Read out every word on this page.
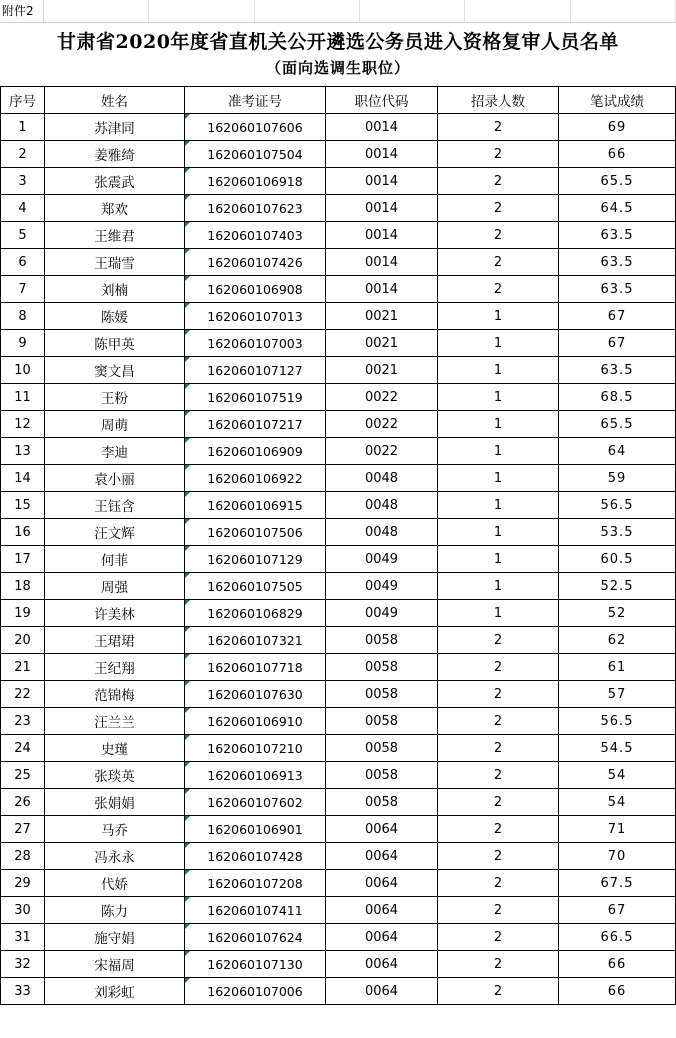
附件2
甘肃省2020年度省直机关公开遴选公务员进入资格复审人员名单
（面向选调生职位）
序号	姓名	准考证号	职位代码	招录人数	笔试成绩
1	苏津同	162060107606	0014	2	69
2	姜雅绮	162060107504	0014	2	66
3	张震武	162060106918	0014	2	65.5
4	郑欢	162060107623	0014	2	64.5
5	王维君	162060107403	0014	2	63.5
6	王瑞雪	162060107426	0014	2	63.5
7	刘楠	162060106908	0014	2	63.5
8	陈媛	162060107013	0021	1	67
9	陈甲英	162060107003	0021	1	67
10	窦文昌	162060107127	0021	1	63.5
11	王粉	162060107519	0022	1	68.5
12	周萌	162060107217	0022	1	65.5
13	李迪	162060106909	0022	1	64
14	袁小丽	162060106922	0048	1	59
15	王钰含	162060106915	0048	1	56.5
16	汪文辉	162060107506	0048	1	53.5
17	何菲	162060107129	0049	1	60.5
18	周强	162060107505	0049	1	52.5
19	许美林	162060106829	0049	1	52
20	王珺珺	162060107321	0058	2	62
21	王纪翔	162060107718	0058	2	61
22	范锦梅	162060107630	0058	2	57
23	汪兰兰	162060106910	0058	2	56.5
24	史瑾	162060107210	0058	2	54.5
25	张琰英	162060106913	0058	2	54
26	张娟娟	162060107602	0058	2	54
27	马乔	162060106901	0064	2	71
28	冯永永	162060107428	0064	2	70
29	代娇	162060107208	0064	2	67.5
30	陈力	162060107411	0064	2	67
31	施守娟	162060107624	0064	2	66.5
32	宋福周	162060107130	0064	2	66
33	刘彩虹	162060107006	0064	2	66
